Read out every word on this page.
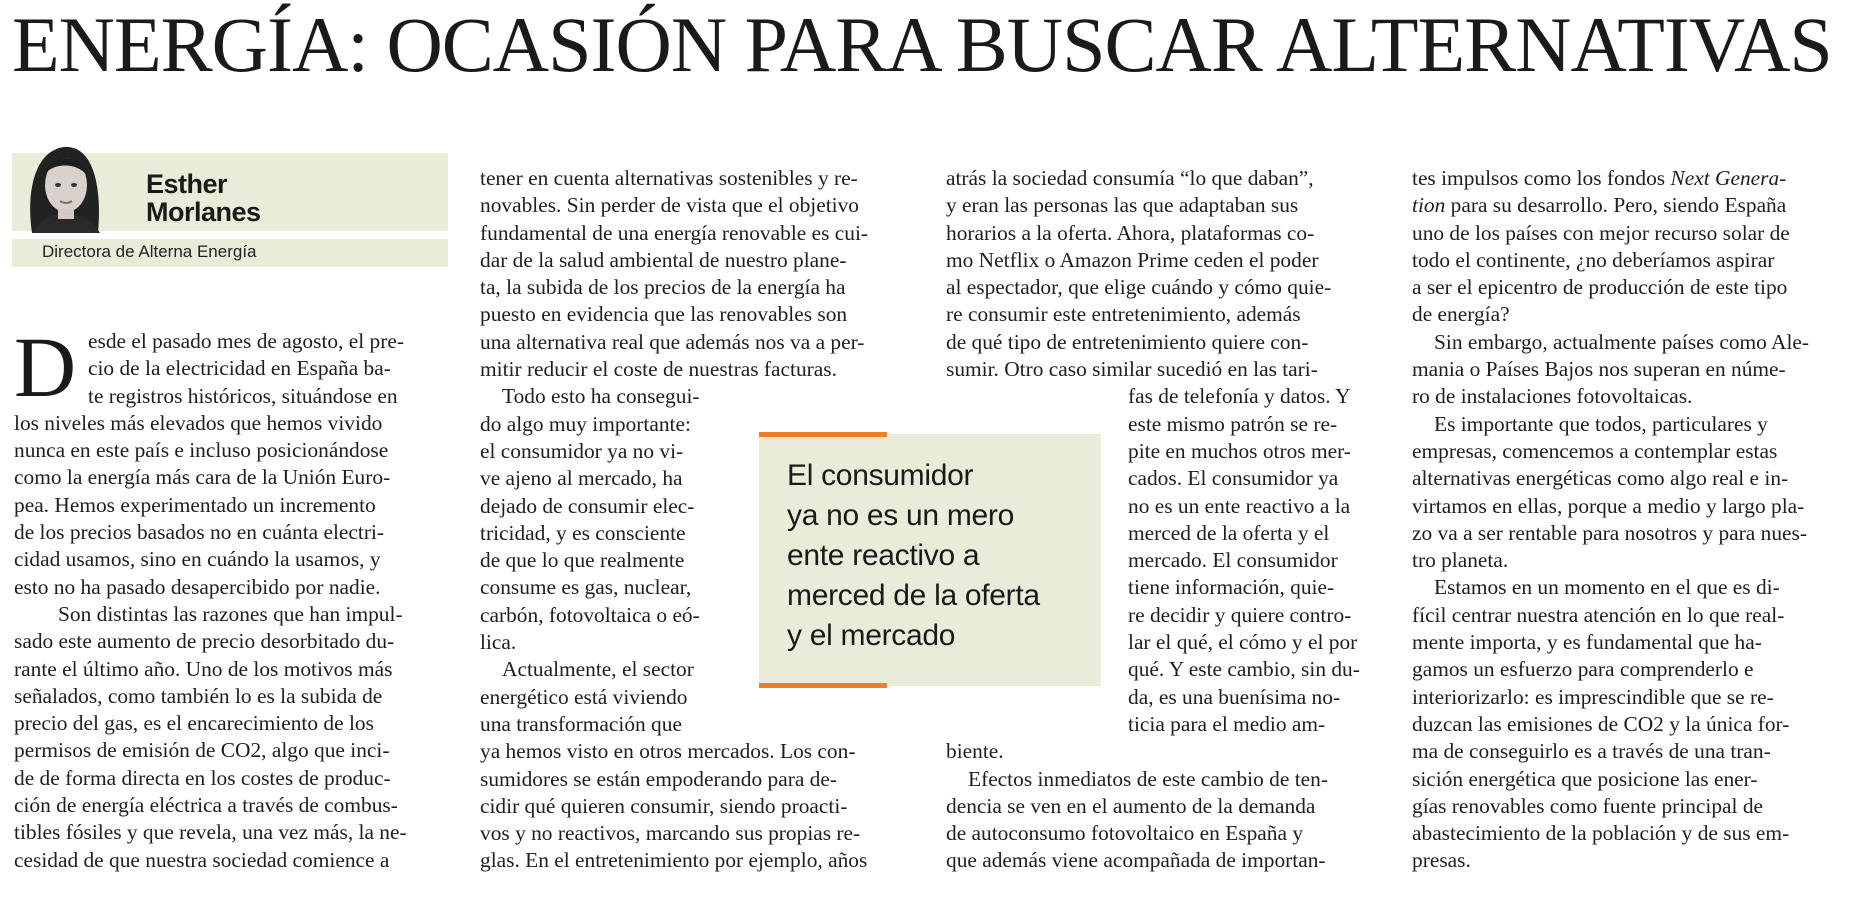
ENERGÍA: OCASIÓN PARA BUSCAR ALTERNATIVAS
Esther
Morlanes
Directora de Alterna Energía
D esde el pasado mes de agosto, el pre-
cio de la electricidad en España ba-
te registros históricos, situándose en
los niveles más elevados que hemos vivido
nunca en este país e incluso posicionándose
como la energía más cara de la Unión Euro-
pea. Hemos experimentado un incremento
de los precios basados no en cuánta electri-
cidad usamos, sino en cuándo la usamos, y
esto no ha pasado desapercibido por nadie.
Son distintas las razones que han impul-
sado este aumento de precio desorbitado du-
rante el último año. Uno de los motivos más
señalados, como también lo es la subida de
precio del gas, es el encarecimiento de los
permisos de emisión de CO2, algo que inci-
de de forma directa en los costes de produc-
ción de energía eléctrica a través de combus-
tibles fósiles y que revela, una vez más, la ne-
cesidad de que nuestra sociedad comience a
tener en cuenta alternativas sostenibles y re-
novables. Sin perder de vista que el objetivo
fundamental de una energía renovable es cui-
dar de la salud ambiental de nuestro plane-
ta, la subida de los precios de la energía ha
puesto en evidencia que las renovables son
una alternativa real que además nos va a per-
mitir reducir el coste de nuestras facturas.
Todo esto ha consegui-
do algo muy importante:
el consumidor ya no vi-
ve ajeno al mercado, ha
dejado de consumir elec-
tricidad, y es consciente
de que lo que realmente
consume es gas, nuclear,
carbón, fotovoltaica o eó-
lica.
Actualmente, el sector
energético está viviendo
una transformación que
ya hemos visto en otros mercados. Los con-
sumidores se están empoderando para de-
cidir qué quieren consumir, siendo proacti-
vos y no reactivos, marcando sus propias re-
glas. En el entretenimiento por ejemplo, años
atrás la sociedad consumía “lo que daban”,
y eran las personas las que adaptaban sus
horarios a la oferta. Ahora, plataformas co-
mo Netflix o Amazon Prime ceden el poder
al espectador, que elige cuándo y cómo quie-
re consumir este entretenimiento, además
de qué tipo de entretenimiento quiere con-
sumir. Otro caso similar sucedió en las tari-
fas de telefonía y datos. Y
este mismo patrón se re-
pite en muchos otros mer-
cados. El consumidor ya
no es un ente reactivo a la
merced de la oferta y el
mercado. El consumidor
tiene información, quie-
re decidir y quiere contro-
lar el qué, el cómo y el por
qué. Y este cambio, sin du-
da, es una buenísima no-
ticia para el medio am-
biente.
Efectos inmediatos de este cambio de ten-
dencia se ven en el aumento de la demanda
de autoconsumo fotovoltaico en España y
que además viene acompañada de importan-
El consumidor
ya no es un mero
ente reactivo a
merced de la oferta
y el mercado
tes impulsos como los fondos Next Genera-
tion para su desarrollo. Pero, siendo España
uno de los países con mejor recurso solar de
todo el continente, ¿no deberíamos aspirar
a ser el epicentro de producción de este tipo
de energía?
Sin embargo, actualmente países como Ale-
mania o Países Bajos nos superan en núme-
ro de instalaciones fotovoltaicas.
Es importante que todos, particulares y
empresas, comencemos a contemplar estas
alternativas energéticas como algo real e in-
virtamos en ellas, porque a medio y largo pla-
zo va a ser rentable para nosotros y para nues-
tro planeta.
Estamos en un momento en el que es di-
fícil centrar nuestra atención en lo que real-
mente importa, y es fundamental que ha-
gamos un esfuerzo para comprenderlo e
interiorizarlo: es imprescindible que se re-
duzcan las emisiones de CO2 y la única for-
ma de conseguirlo es a través de una tran-
sición energética que posicione las ener-
gías renovables como fuente principal de
abastecimiento de la población y de sus em-
presas.
